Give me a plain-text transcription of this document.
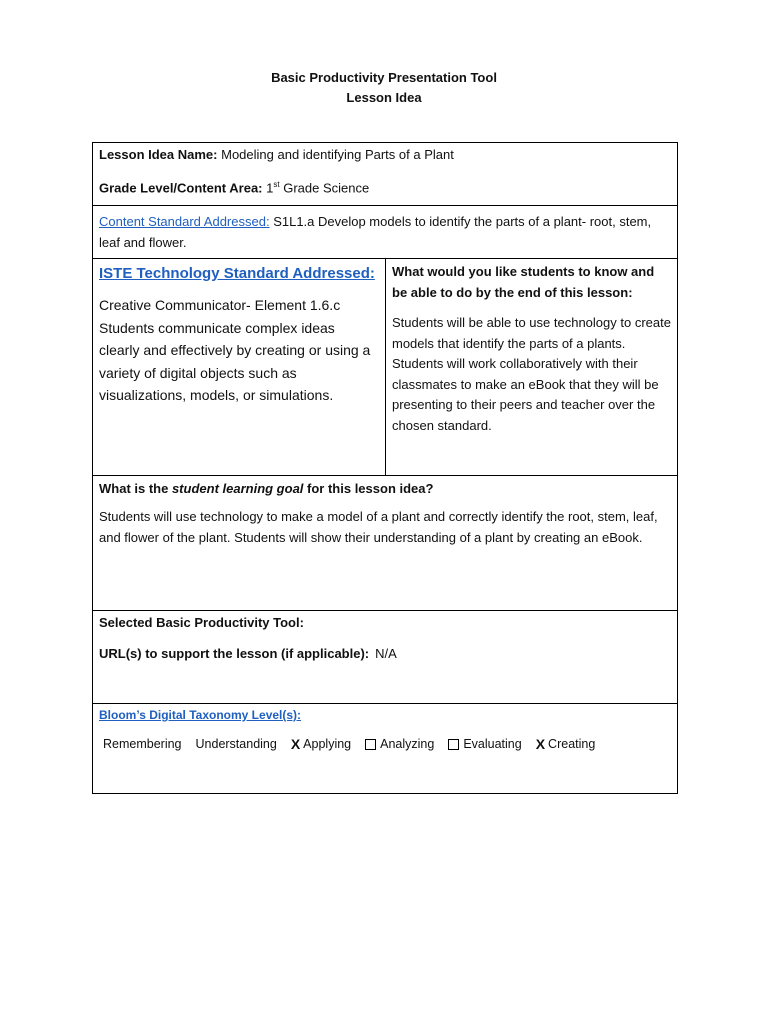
Basic Productivity Presentation Tool
Lesson Idea

Lesson Idea Name: Modeling and identifying Parts of a Plant

Grade Level/Content Area: 1st Grade Science

Content Standard Addressed: S1L1.a Develop models to identify the parts of a plant- root, stem, leaf and flower.

ISTE Technology Standard Addressed:

Creative Communicator- Element 1.6.c Students communicate complex ideas clearly and effectively by creating or using a variety of digital objects such as visualizations, models, or simulations.

What would you like students to know and be able to do by the end of this lesson:

Students will be able to use technology to create models that identify the parts of a plants. Students will work collaboratively with their classmates to make an eBook that they will be presenting to their peers and teacher over the chosen standard.

What is the student learning goal for this lesson idea?

Students will use technology to make a model of a plant and correctly identify the root, stem, leaf, and flower of the plant. Students will show their understanding of a plant by creating an eBook.

Selected Basic Productivity Tool:

URL(s) to support the lesson (if applicable): N/A

Bloom’s Digital Taxonomy Level(s):

Remembering Understanding X Applying Analyzing Evaluating X Creating
